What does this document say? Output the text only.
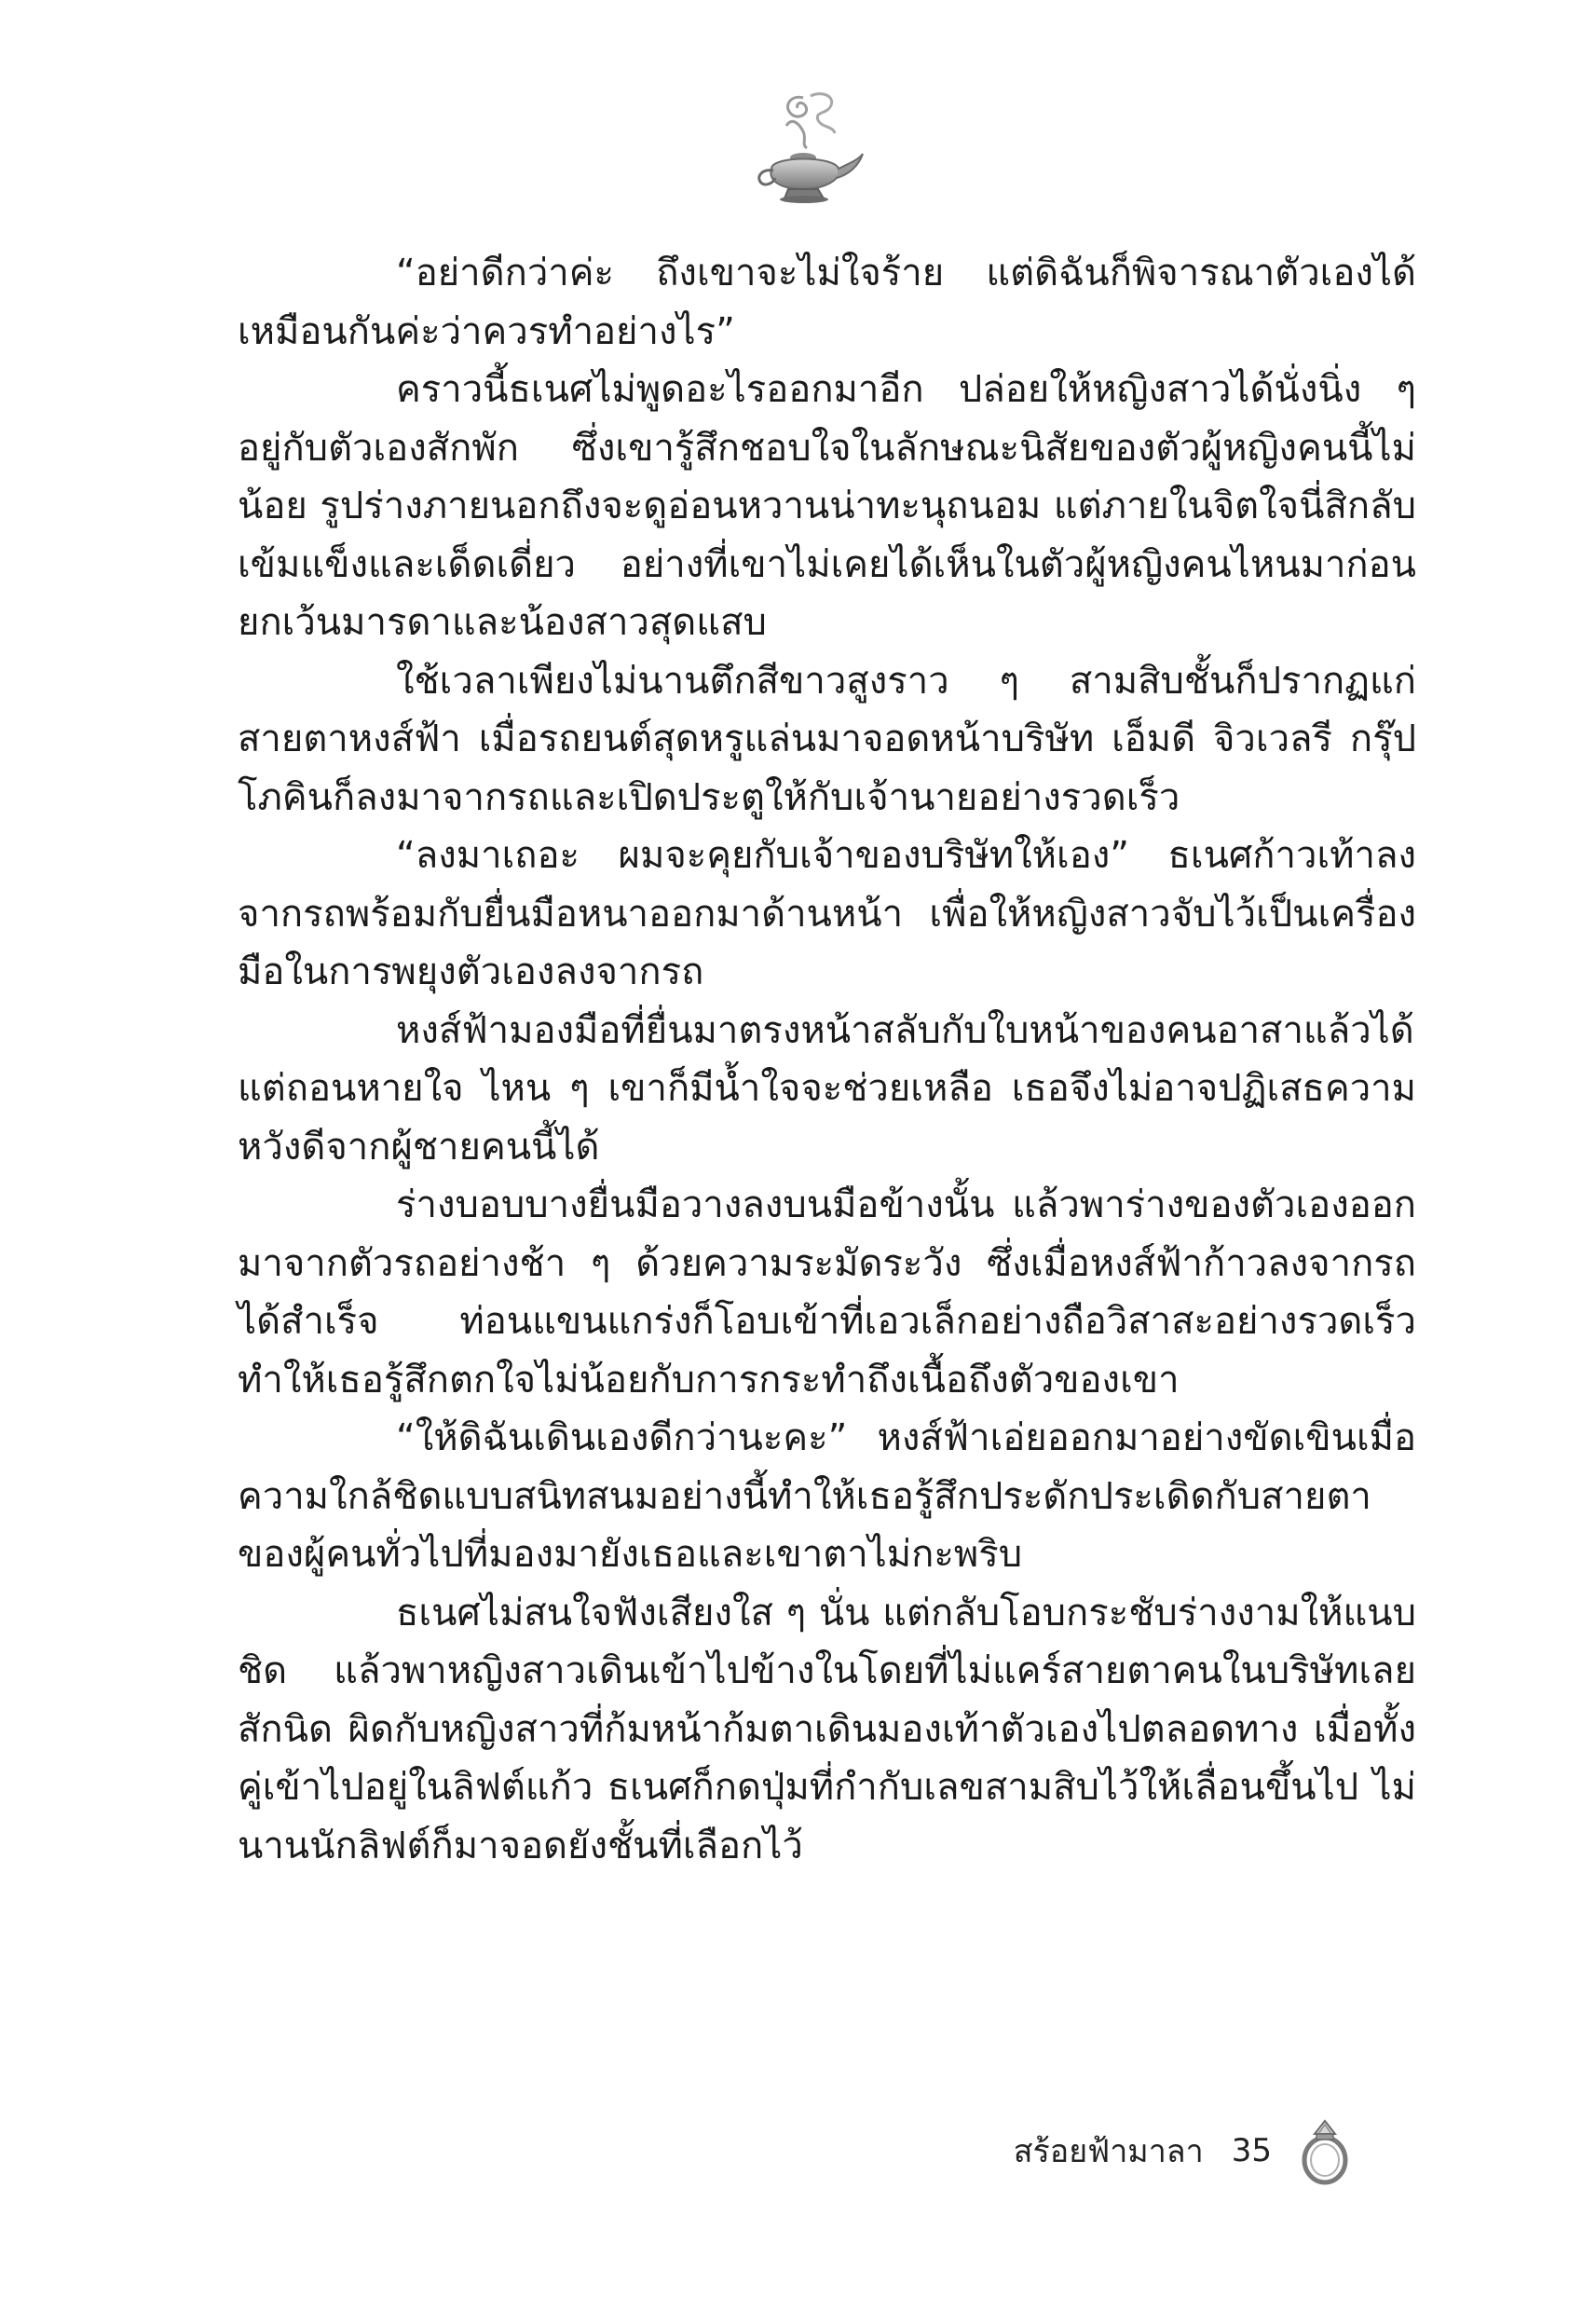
“อย่าดีกว่าค่ะ ถึงเขาจะไม่ใจร้าย แต่ดิฉันก็พิจารณาตัวเองได้เหมือนกันค่ะว่าควรทำอย่างไร”

คราวนี้ธเนศไม่พูดอะไรออกมาอีก ปล่อยให้หญิงสาวได้นั่งนิ่ง ๆ อยู่กับตัวเองสักพัก ซึ่งเขารู้สึกชอบใจในลักษณะนิสัยของตัวผู้หญิงคนนี้ไม่น้อย รูปร่างภายนอกถึงจะดูอ่อนหวานน่าทะนุถนอม แต่ภายในจิตใจนี่สิกลับเข้มแข็งและเด็ดเดี่ยว อย่างที่เขาไม่เคยได้เห็นในตัวผู้หญิงคนไหนมาก่อน ยกเว้นมารดาและน้องสาวสุดแสบ

ใช้เวลาเพียงไม่นานตึกสีขาวสูงราว ๆ สามสิบชั้นก็ปรากฏแก่สายตาหงส์ฟ้า เมื่อรถยนต์สุดหรูแล่นมาจอดหน้าบริษัท เอ็มดี จิวเวลรี กรุ๊ป โภคินก็ลงมาจากรถและเปิดประตูให้กับเจ้านายอย่างรวดเร็ว

“ลงมาเถอะ ผมจะคุยกับเจ้าของบริษัทให้เอง” ธเนศก้าวเท้าลงจากรถพร้อมกับยื่นมือหนาออกมาด้านหน้า เพื่อให้หญิงสาวจับไว้เป็นเครื่องมือในการพยุงตัวเองลงจากรถ

หงส์ฟ้ามองมือที่ยื่นมาตรงหน้าสลับกับใบหน้าของคนอาสาแล้วได้แต่ถอนหายใจ ไหน ๆ เขาก็มีน้ำใจจะช่วยเหลือ เธอจึงไม่อาจปฏิเสธความหวังดีจากผู้ชายคนนี้ได้

ร่างบอบบางยื่นมือวางลงบนมือข้างนั้น แล้วพาร่างของตัวเองออกมาจากตัวรถอย่างช้า ๆ ด้วยความระมัดระวัง ซึ่งเมื่อหงส์ฟ้าก้าวลงจากรถได้สำเร็จ ท่อนแขนแกร่งก็โอบเข้าที่เอวเล็กอย่างถือวิสาสะอย่างรวดเร็ว ทำให้เธอรู้สึกตกใจไม่น้อยกับการกระทำถึงเนื้อถึงตัวของเขา

“ให้ดิฉันเดินเองดีกว่านะคะ” หงส์ฟ้าเอ่ยออกมาอย่างขัดเขินเมื่อความใกล้ชิดแบบสนิทสนมอย่างนี้ทำให้เธอรู้สึกประดักประเดิดกับสายตาของผู้คนทั่วไปที่มองมายังเธอและเขาตาไม่กะพริบ

ธเนศไม่สนใจฟังเสียงใส ๆ นั่น แต่กลับโอบกระชับร่างงามให้แนบชิด แล้วพาหญิงสาวเดินเข้าไปข้างในโดยที่ไม่แคร์สายตาคนในบริษัทเลยสักนิด ผิดกับหญิงสาวที่ก้มหน้าก้มตาเดินมองเท้าตัวเองไปตลอดทาง เมื่อทั้งคู่เข้าไปอยู่ในลิฟต์แก้ว ธเนศก็กดปุ่มที่กำกับเลขสามสิบไว้ให้เลื่อนขึ้นไป ไม่นานนักลิฟต์ก็มาจอดยังชั้นที่เลือกไว้

สร้อยฟ้ามาลา 35
